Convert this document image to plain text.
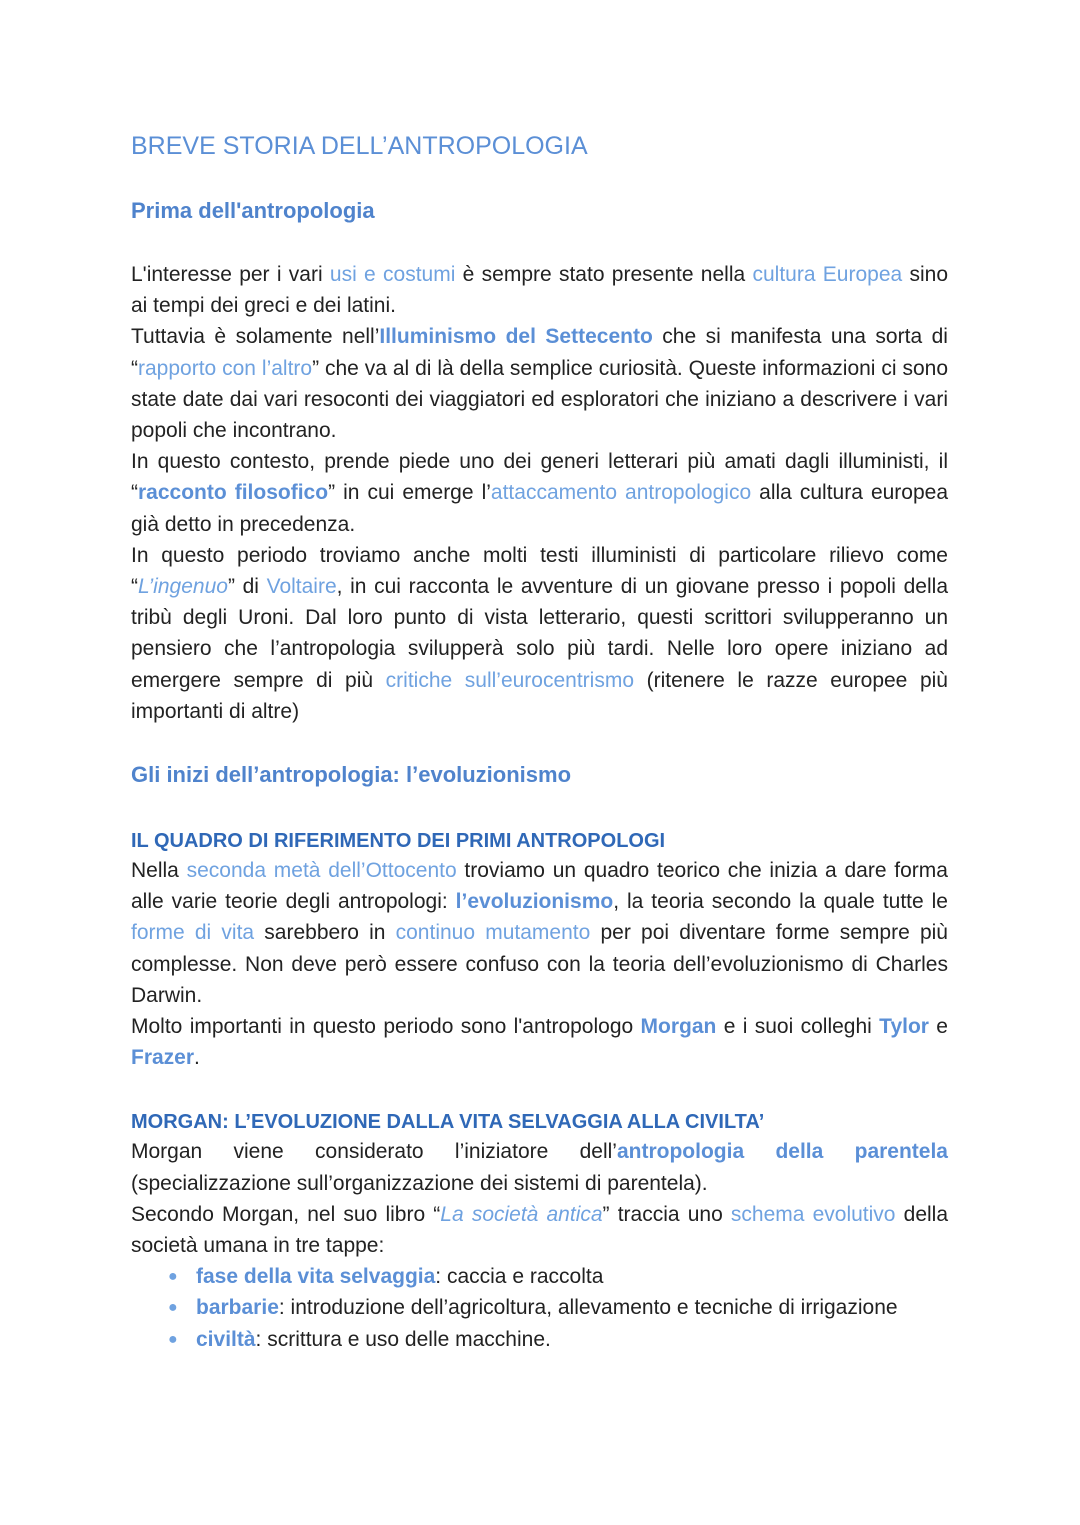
BREVE STORIA DELL’ANTROPOLOGIA
Prima dell'antropologia

L'interesse per i vari usi e costumi è sempre stato presente nella cultura Europea sino ai tempi dei greci e dei latini.

Tuttavia è solamente nell’Illuminismo del Settecento che si manifesta una sorta di “rapporto con l’altro” che va al di là della semplice curiosità. Queste informazioni ci sono state date dai vari resoconti dei viaggiatori ed esploratori che iniziano a descrivere i vari popoli che incontrano.

In questo contesto, prende piede uno dei generi letterari più amati dagli illuministi, il “racconto filosofico” in cui emerge l’attaccamento antropologico alla cultura europea già detto in precedenza.

In questo periodo troviamo anche molti testi illuministi di particolare rilievo come “L’ingenuo” di Voltaire, in cui racconta le avventure di un giovane presso i popoli della tribù degli Uroni. Dal loro punto di vista letterario, questi scrittori svilupperanno un pensiero che l’antropologia svilupperà solo più tardi. Nelle loro opere iniziano ad emergere sempre di più critiche sull’eurocentrismo (ritenere le razze europee più importanti di altre)

Gli inizi dell’antropologia: l’evoluzionismo
IL QUADRO DI RIFERIMENTO DEI PRIMI ANTROPOLOGI

Nella seconda metà dell’Ottocento troviamo un quadro teorico che inizia a dare forma alle varie teorie degli antropologi: l’evoluzionismo, la teoria secondo la quale tutte le forme di vita sarebbero in continuo mutamento per poi diventare forme sempre più complesse. Non deve però essere confuso con la teoria dell’evoluzionismo di Charles Darwin.

Molto importanti in questo periodo sono l'antropologo Morgan e i suoi colleghi Tylor e Frazer.

MORGAN: L’EVOLUZIONE DALLA VITA SELVAGGIA ALLA CIVILTA’

Morgan viene considerato l’iniziatore dell’antropologia della parentela (specializzazione sull’organizzazione dei sistemi di parentela).

Secondo Morgan, nel suo libro “La società antica” traccia uno schema evolutivo della società umana in tre tappe:

● fase della vita selvaggia: caccia e raccolta
● barbarie: introduzione dell’agricoltura, allevamento e tecniche di irrigazione
● civiltà: scrittura e uso delle macchine.
